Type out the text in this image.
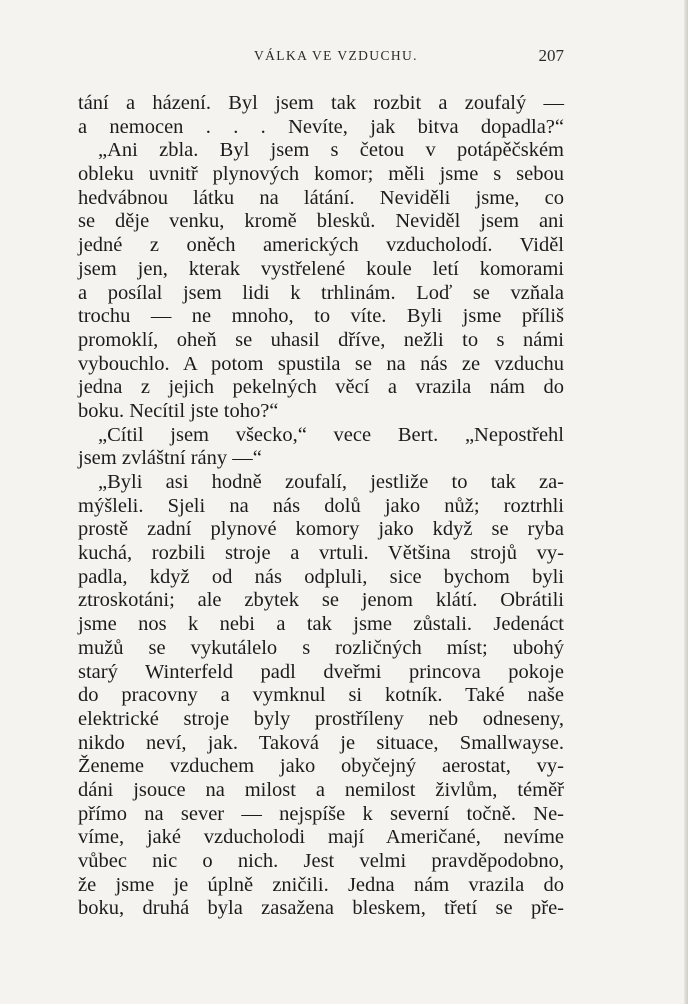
VÁLKA VE VZDUCHU.	207
tání a házení. Byl jsem tak rozbit a zoufalý —
a nemocen . . . Nevíte, jak bitva dopadla?“
„Ani zbla. Byl jsem s četou v potápěčském
obleku uvnitř plynových komor; měli jsme s sebou
hedvábnou látku na látání. Neviděli jsme, co
se děje venku, kromě blesků. Neviděl jsem ani
jedné z oněch amerických vzducholodí. Viděl
jsem jen, kterak vystřelené koule letí komorami
a posílal jsem lidi k trhlinám. Loď se vzňala
trochu — ne mnoho, to víte. Byli jsme příliš
promoklí, oheň se uhasil dříve, nežli to s námi
vybouchlo. A potom spustila se na nás ze vzduchu
jedna z jejich pekelných věcí a vrazila nám do
boku. Necítil jste toho?“
„Cítil jsem všecko,“ vece Bert. „Nepostřehl
jsem zvláštní rány —“
„Byli asi hodně zoufalí, jestliže to tak za-
mýšleli. Sjeli na nás dolů jako nůž; roztrhli
prostě zadní plynové komory jako když se ryba
kuchá, rozbili stroje a vrtuli. Většina strojů vy-
padla, když od nás odpluli, sice bychom byli
ztroskotáni; ale zbytek se jenom klátí. Obrátili
jsme nos k nebi a tak jsme zůstali. Jedenáct
mužů se vykutálelo s rozličných míst; ubohý
starý Winterfeld padl dveřmi princova pokoje
do pracovny a vymknul si kotník. Také naše
elektrické stroje byly prostříleny neb odneseny,
nikdo neví, jak. Taková je situace, Smallwayse.
Ženeme vzduchem jako obyčejný aerostat, vy-
dáni jsouce na milost a nemilost živlům, téměř
přímo na sever — nejspíše k severní točně. Ne-
víme, jaké vzducholodi mají Američané, nevíme
vůbec nic o nich. Jest velmi pravděpodobno,
že jsme je úplně zničili. Jedna nám vrazila do
boku, druhá byla zasažena bleskem, třetí se pře-
